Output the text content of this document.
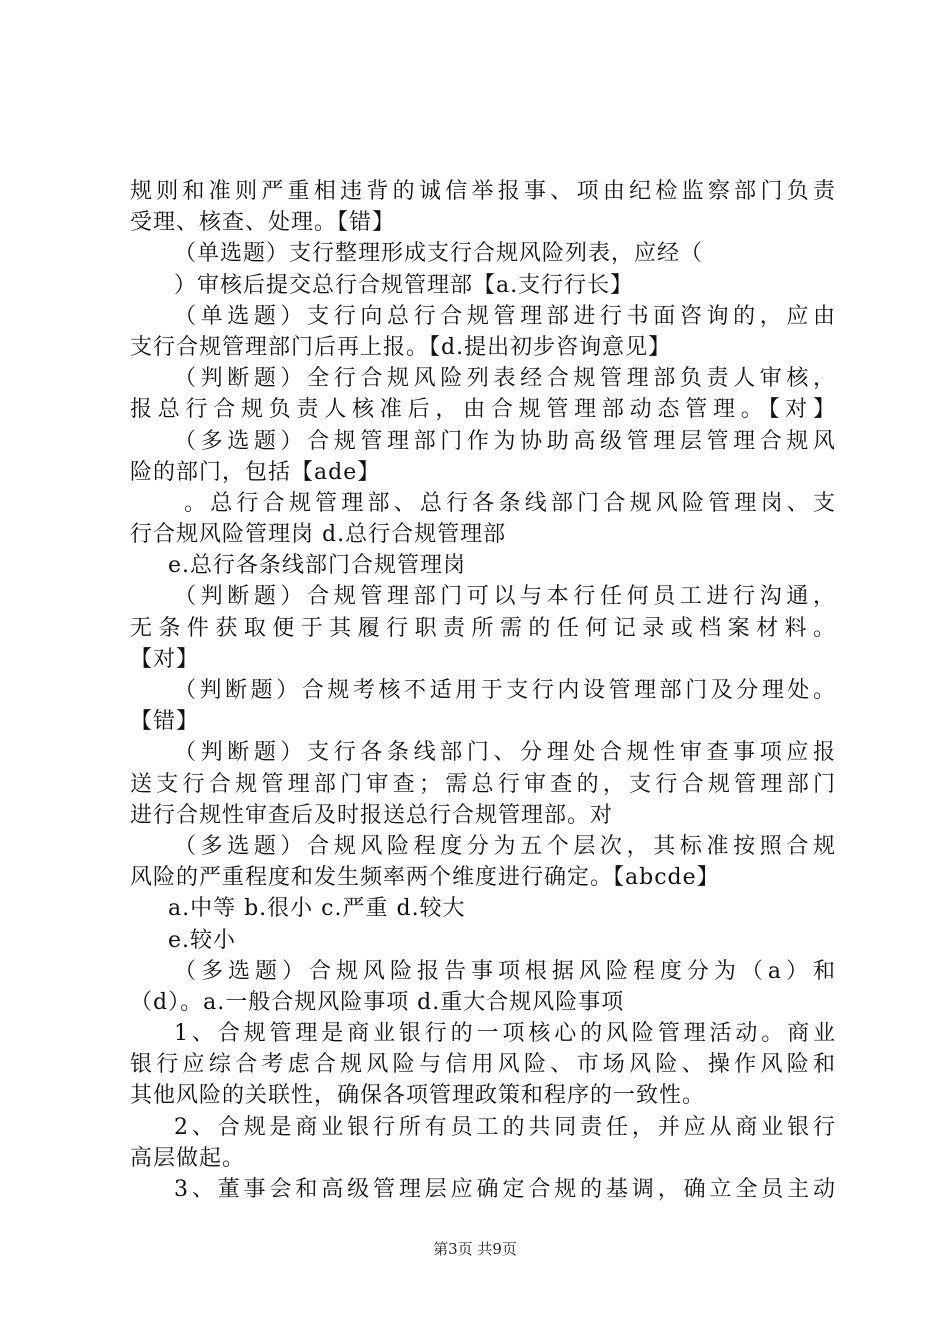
规则和准则严重相违背的诚信举报事、项由纪检监察部门负责
受理、核查、处理。【错】
（单选题）支行整理形成支行合规风险列表，应经（
）审核后提交总行合规管理部【a.支行行长】
（单选题）支行向总行合规管理部进行书面咨询的，应由
支行合规管理部门后再上报。【d.提出初步咨询意见】
（判断题）全行合规风险列表经合规管理部负责人审核，
报总行合规负责人核准后，由合规管理部动态管理。【对】
（多选题）合规管理部门作为协助高级管理层管理合规风
险的部门，包括【ade】
。总行合规管理部、总行各条线部门合规风险管理岗、支
行合规风险管理岗 d.总行合规管理部
e.总行各条线部门合规管理岗
（判断题）合规管理部门可以与本行任何员工进行沟通，
无条件获取便于其履行职责所需的任何记录或档案材料。
【对】
（判断题）合规考核不适用于支行内设管理部门及分理处。
【错】
（判断题）支行各条线部门、分理处合规性审查事项应报
送支行合规管理部门审查；需总行审查的，支行合规管理部门
进行合规性审查后及时报送总行合规管理部。对
（多选题）合规风险程度分为五个层次，其标准按照合规
风险的严重程度和发生频率两个维度进行确定。【abcde】
a.中等 b.很小 c.严重 d.较大
e.较小
（多选题）合规风险报告事项根据风险程度分为（a）和
（d）。a.一般合规风险事项 d.重大合规风险事项
1、合规管理是商业银行的一项核心的风险管理活动。商业
银行应综合考虑合规风险与信用风险、市场风险、操作风险和
其他风险的关联性，确保各项管理政策和程序的一致性。
2、合规是商业银行所有员工的共同责任，并应从商业银行
高层做起。
3、董事会和高级管理层应确定合规的基调，确立全员主动
第3页 共9页
